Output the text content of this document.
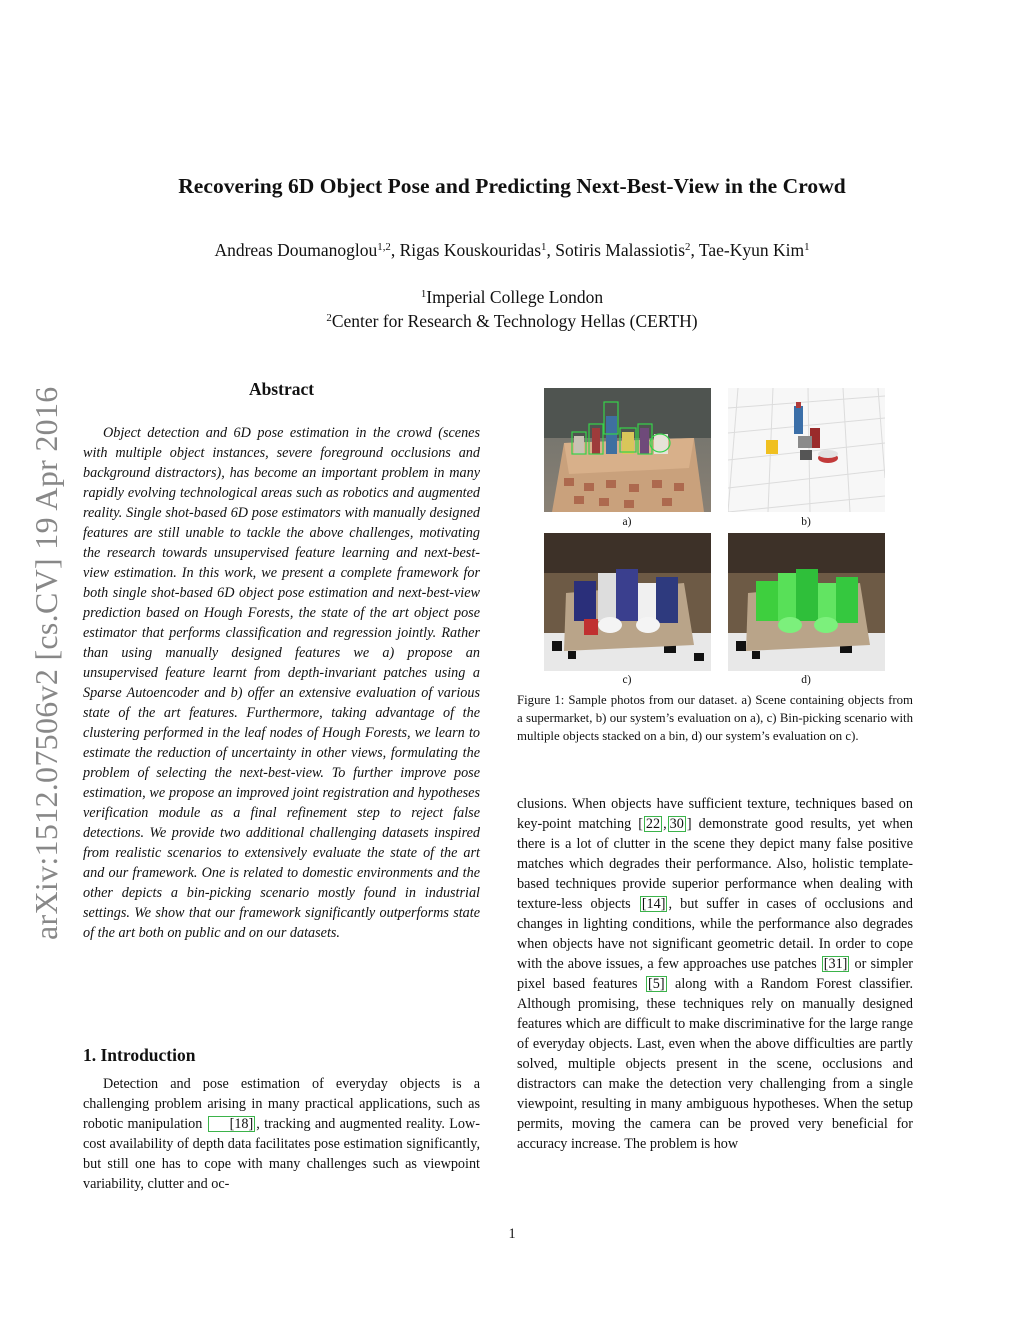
Recovering 6D Object Pose and Predicting Next-Best-View in the Crowd
Andreas Doumanoglou$^{1,2}$, Rigas Kouskouridas$^1$, Sotiris Malassiotis$^2$, Tae-Kyun Kim$^1$
$^1$Imperial College London
$^2$Center for Research & Technology Hellas (CERTH)
arXiv:1512.07506v2 [cs.CV] 19 Apr 2016	Abstract
Object detection and 6D pose estimation in the crowd (scenes with multiple object instances, severe foreground occlusions and background distractors), has become an important problem in many rapidly evolving technological areas such as robotics and augmented reality. Single shot-based 6D pose estimators with manually designed features are still unable to tackle the above challenges, motivating the research towards unsupervised feature learning and next-best-view estimation. In this work, we present a complete framework for both single shot-based 6D object pose estimation and next-best-view prediction based on Hough Forests, the state of the art object pose estimator that performs classification and regression jointly. Rather than using manually designed features we a) propose an unsupervised feature learnt from depth-invariant patches using a Sparse Autoencoder and b) offer an extensive evaluation of various state of the art features. Furthermore, taking advantage of the clustering performed in the leaf nodes of Hough Forests, we learn to estimate the reduction of uncertainty in other views, formulating the problem of selecting the next-best-view. To further improve pose estimation, we propose an improved joint registration and hypotheses verification module as a final refinement step to reject false detections. We provide two additional challenging datasets inspired from realistic scenarios to extensively evaluate the state of the art and our framework. One is related to domestic environments and the other depicts a bin-picking scenario mostly found in industrial settings. We show that our framework significantly outperforms state of the art both on public and on our datasets.
1. Introduction
Detection and pose estimation of everyday objects is a challenging problem arising in many practical applications, such as robotic manipulation [18] , tracking and augmented reality. Low-cost availability of depth data facilitates pose estimation significantly, but still one has to cope with many challenges such as viewpoint variability, clutter and oc-
a)	b)
c)	d)
Figure 1: Sample photos from our dataset. a) Scene containing objects from a supermarket, b) our system’s evaluation on a), c) Bin-picking scenario with multiple objects stacked on a bin, d) our system’s evaluation on c).
clusions. When objects have sufficient texture, techniques based on key-point matching [ 22 , 30 ] demonstrate good results, yet when there is a lot of clutter in the scene they depict many false positive matches which degrades their performance. Also, holistic template-based techniques provide superior performance when dealing with texture-less objects [14] , but suffer in cases of occlusions and changes in lighting conditions, while the performance also degrades when objects have not significant geometric detail. In order to cope with the above issues, a few approaches use patches [31] or simpler pixel based features [5] along with a Random Forest classifier. Although promising, these techniques rely on manually designed features which are difficult to make discriminative for the large range of everyday objects. Last, even when the above difficulties are partly solved, multiple objects present in the scene, occlusions and distractors can make the detection very challenging from a single viewpoint, resulting in many ambiguous hypotheses. When the setup permits, moving the camera can be proved very beneficial for accuracy increase. The problem is how
1
